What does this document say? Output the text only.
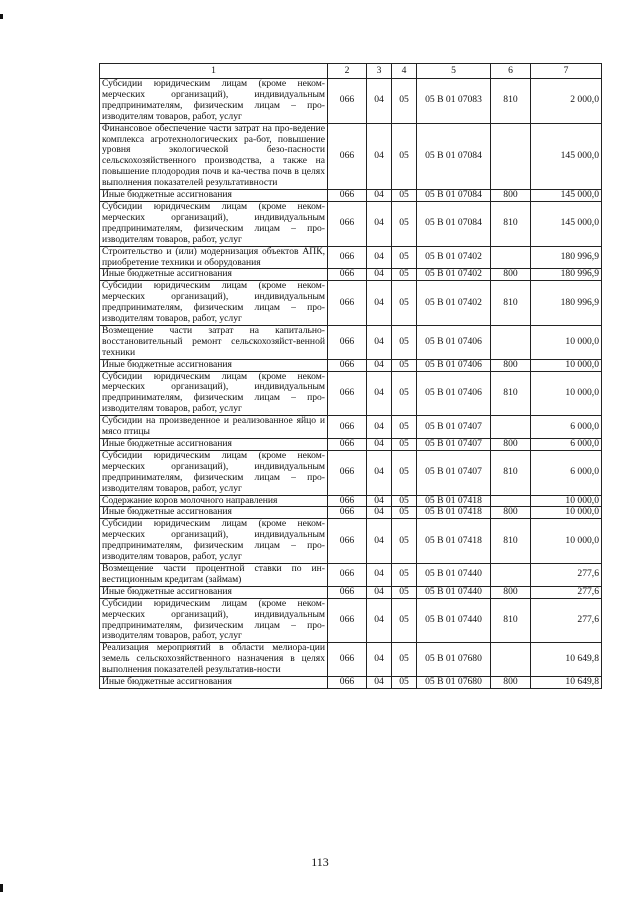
1	2	3	4	5	6	7
Субсидии юридическим лицам (кроме неком-мерческих организаций), индивидуальным предпринимателям, физическим лицам – про-изводителям товаров, работ, услуг	066	04	05	05 В 01 07083	810	2 000,0
Финансовое обеспечение части затрат на про-ведение комплекса агротехнологических ра-бот, повышение уровня экологической безо-пасности сельскохозяйственного производства, а также на повышение плодородия почв и ка-чества почв в целях выполнения показателей результативности	066	04	05	05 В 01 07084		145 000,0
Иные бюджетные ассигнования	066	04	05	05 В 01 07084	800	145 000,0
Субсидии юридическим лицам (кроме неком-мерческих организаций), индивидуальным предпринимателям, физическим лицам – про-изводителям товаров, работ, услуг	066	04	05	05 В 01 07084	810	145 000,0
Строительство и (или) модернизация объектов АПК, приобретение техники и оборудования	066	04	05	05 В 01 07402		180 996,9
Иные бюджетные ассигнования	066	04	05	05 В 01 07402	800	180 996,9
Субсидии юридическим лицам (кроме неком-мерческих организаций), индивидуальным предпринимателям, физическим лицам – про-изводителям товаров, работ, услуг	066	04	05	05 В 01 07402	810	180 996,9
Возмещение части затрат на капитально-восстановительный ремонт сельскохозяйст-венной техники	066	04	05	05 В 01 07406		10 000,0
Иные бюджетные ассигнования	066	04	05	05 В 01 07406	800	10 000,0
Субсидии юридическим лицам (кроме неком-мерческих организаций), индивидуальным предпринимателям, физическим лицам – про-изводителям товаров, работ, услуг	066	04	05	05 В 01 07406	810	10 000,0
Субсидии на произведенное и реализованное яйцо и мясо птицы	066	04	05	05 В 01 07407		6 000,0
Иные бюджетные ассигнования	066	04	05	05 В 01 07407	800	6 000,0
Субсидии юридическим лицам (кроме неком-мерческих организаций), индивидуальным предпринимателям, физическим лицам – про-изводителям товаров, работ, услуг	066	04	05	05 В 01 07407	810	6 000,0
Содержание коров молочного направления	066	04	05	05 В 01 07418		10 000,0
Иные бюджетные ассигнования	066	04	05	05 В 01 07418	800	10 000,0
Субсидии юридическим лицам (кроме неком-мерческих организаций), индивидуальным предпринимателям, физическим лицам – про-изводителям товаров, работ, услуг	066	04	05	05 В 01 07418	810	10 000,0
Возмещение части процентной ставки по ин-вестиционным кредитам (займам)	066	04	05	05 В 01 07440		277,6
Иные бюджетные ассигнования	066	04	05	05 В 01 07440	800	277,6
Субсидии юридическим лицам (кроме неком-мерческих организаций), индивидуальным предпринимателям, физическим лицам – про-изводителям товаров, работ, услуг	066	04	05	05 В 01 07440	810	277,6
Реализация мероприятий в области мелиора-ции земель сельскохозяйственного назначения в целях выполнения показателей результатив-ности	066	04	05	05 В 01 07680		10 649,8
Иные бюджетные ассигнования	066	04	05	05 В 01 07680	800	10 649,8
113
